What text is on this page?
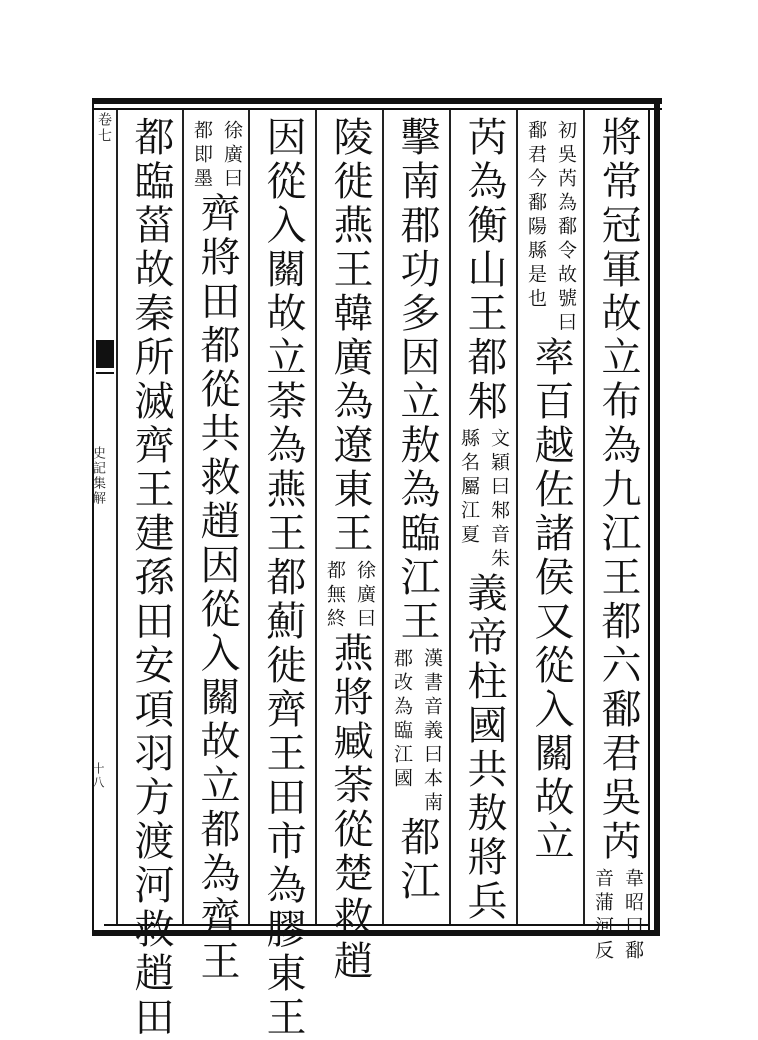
卷七
史記集解
十八	將常冠軍故立布為九江王都六鄱君吳芮
韋昭曰鄱
音蒲河反
初吳芮為鄱令故號曰
鄱君今鄱陽縣是也
率百越佐諸侯又從入關故立
芮為衡山王都邾
文穎曰邾音朱
縣名屬江夏
義帝柱國共敖將兵
擊南郡功多因立敖為臨江王
漢書音義曰本南
郡改為臨江國
都江
陵徙燕王韓廣為遼東王
徐廣曰
都無終
燕將臧荼從楚救趙
因從入關故立荼為燕王都薊徙齊王田市為膠東王
徐廣曰
都即墨
齊將田都從共救趙因從入關故立都為齊王
都臨菑故秦所滅齊王建孫田安項羽方渡河救趙田
